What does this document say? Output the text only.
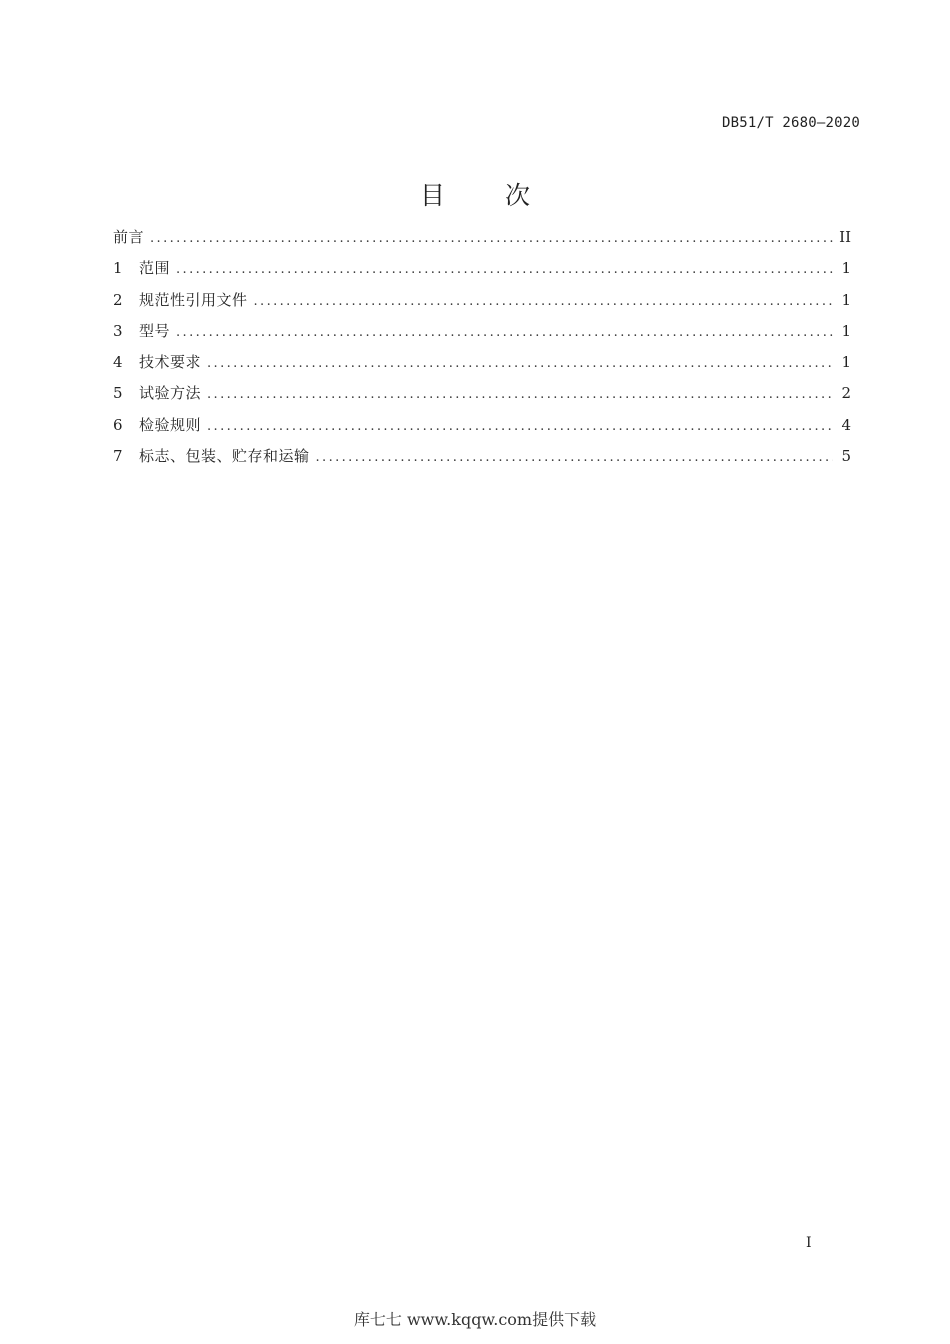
DB51/T 2680—2020
目 次
前言 .....	II
1	范围 .....	1
2	规范性引用文件 .....	1
3	型号 .....	1
4	技术要求 .....	1
5	试验方法 .....	2
6	检验规则 .....	4
7	标志、包装、贮存和运输 .....	5
I
库七七 www.kqqw.com提供下载
